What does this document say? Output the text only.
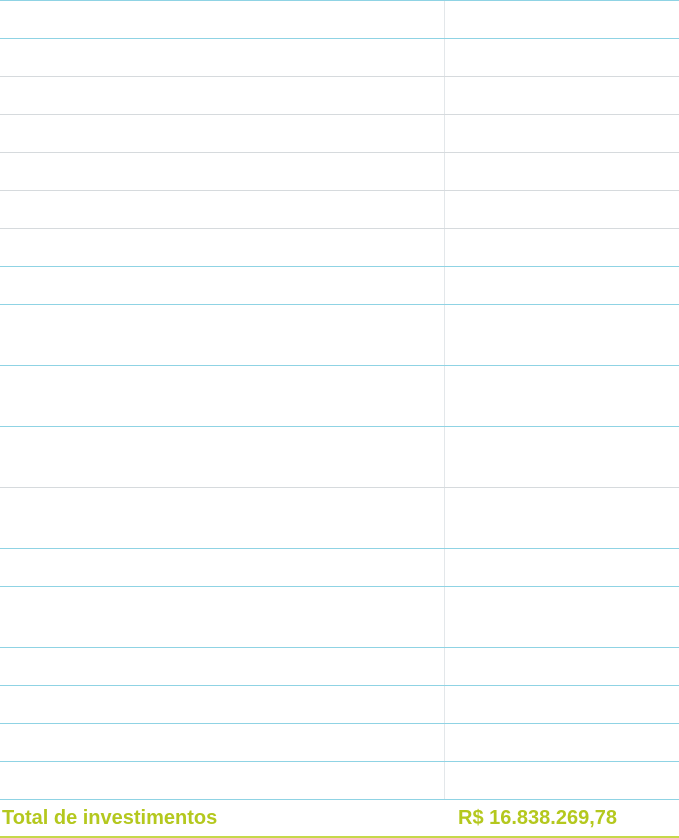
Total de investimentos	R$ 16.838.269,78
